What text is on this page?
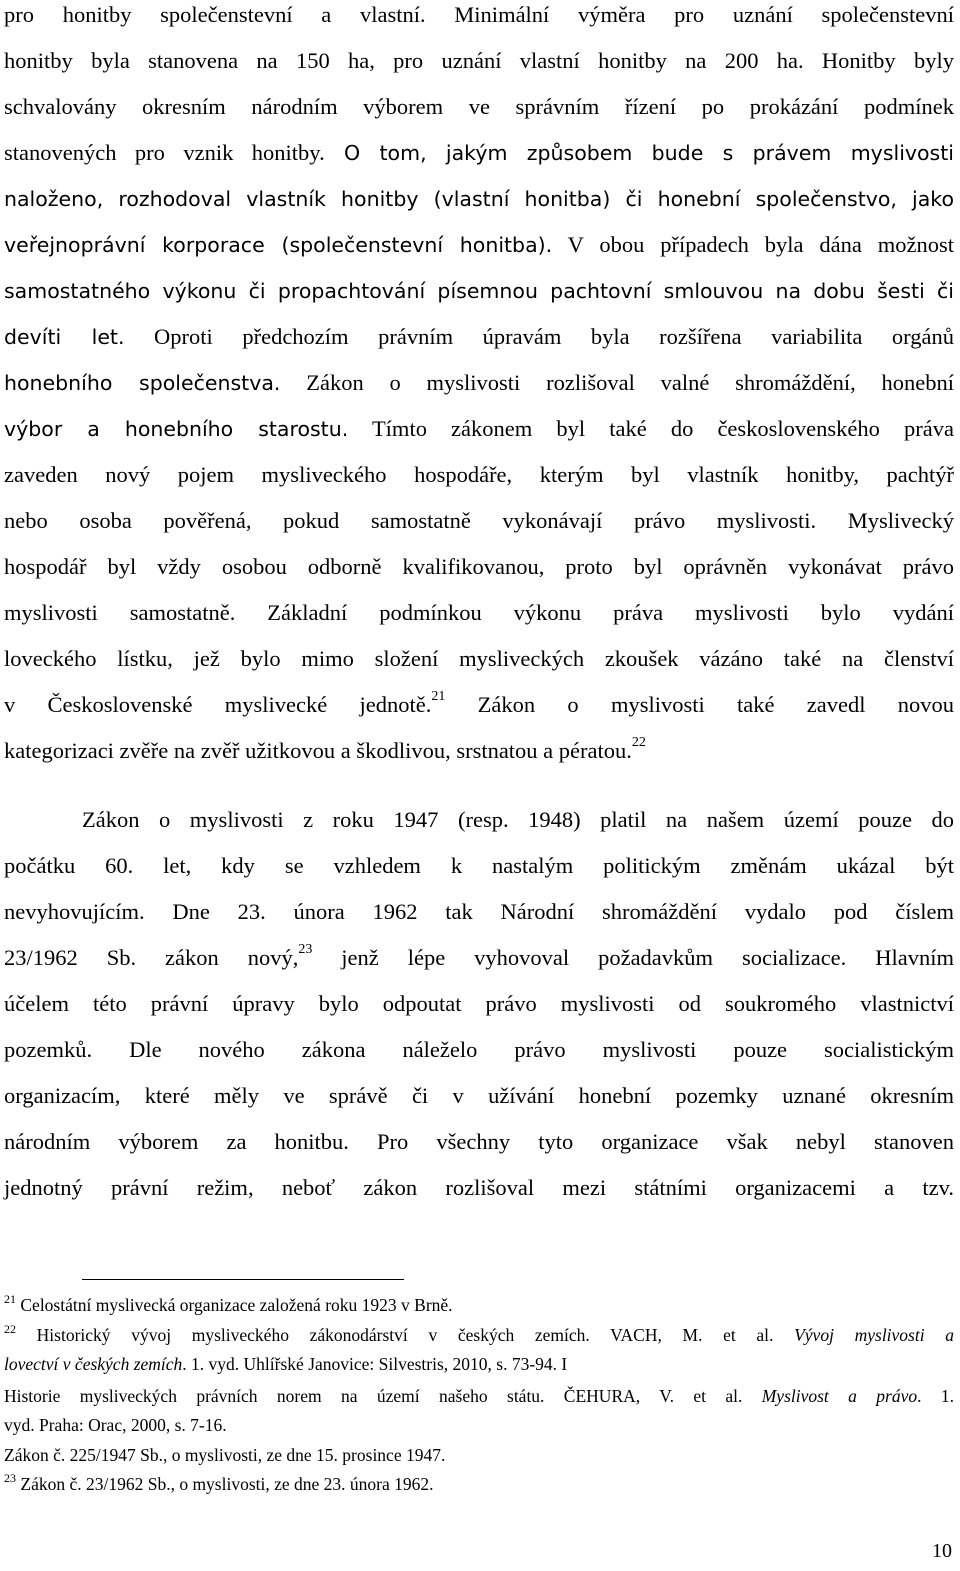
pro honitby společenstevní a vlastní. Minimální výměra pro uznání společenstevní
honitby byla stanovena na 150 ha, pro uznání vlastní honitby na 200 ha. Honitby byly
schvalovány okresním národním výborem ve správním řízení po prokázání podmínek
stanovených pro vznik honitby. O tom, jakým způsobem bude s právem myslivosti
naloženo, rozhodoval vlastník honitby (vlastní honitba) či honební společenstvo, jako
veřejnoprávní korporace (společenstevní honitba). V obou případech byla dána možnost
samostatného výkonu či propachtování písemnou pachtovní smlouvou na dobu šesti či
devíti let. Oproti předchozím právním úpravám byla rozšířena variabilita orgánů
honebního společenstva. Zákon o myslivosti rozlišoval valné shromáždění, honební
výbor a honebního starostu. Tímto zákonem byl také do československého práva
zaveden nový pojem mysliveckého hospodáře, kterým byl vlastník honitby, pachtýř
nebo osoba pověřená, pokud samostatně vykonávají právo myslivosti. Myslivecký
hospodář byl vždy osobou odborně kvalifikovanou, proto byl oprávněn vykonávat právo
myslivosti samostatně. Základní podmínkou výkonu práva myslivosti bylo vydání
loveckého lístku, jež bylo mimo složení mysliveckých zkoušek vázáno také na členství
v Československé myslivecké jednotě.$^{21}$ Zákon o myslivosti také zavedl novou
kategorizaci zvěře na zvěř užitkovou a škodlivou, srstnatou a pératou.$^{22}$
Zákon o myslivosti z roku 1947 (resp. 1948) platil na našem území pouze do
počátku 60. let, kdy se vzhledem k nastalým politickým změnám ukázal být
nevyhovujícím. Dne 23. února 1962 tak Národní shromáždění vydalo pod číslem
23/1962 Sb. zákon nový,$^{23}$ jenž lépe vyhovoval požadavkům socializace. Hlavním
účelem této právní úpravy bylo odpoutat právo myslivosti od soukromého vlastnictví
pozemků. Dle nového zákona náleželo právo myslivosti pouze socialistickým
organizacím, které měly ve správě či v užívání honební pozemky uznané okresním
národním výborem za honitbu. Pro všechny tyto organizace však nebyl stanoven
jednotný právní režim, neboť zákon rozlišoval mezi státními organizacemi a tzv.
$^{21}$ Celostátní myslivecká organizace založená roku 1923 v Brně.
$^{22}$ Historický vývoj mysliveckého zákonodárství v českých zemích. VACH, M. et al. Vývoj myslivosti a
lovectví v českých zemích. 1. vyd. Uhlířské Janovice: Silvestris, 2010, s. 73-94. I
Historie mysliveckých právních norem na území našeho státu. ČEHURA, V. et al. Myslivost a právo. 1.
vyd. Praha: Orac, 2000, s. 7-16.
Zákon č. 225/1947 Sb., o myslivosti, ze dne 15. prosince 1947.
$^{23}$ Zákon č. 23/1962 Sb., o myslivosti, ze dne 23. února 1962.
10
